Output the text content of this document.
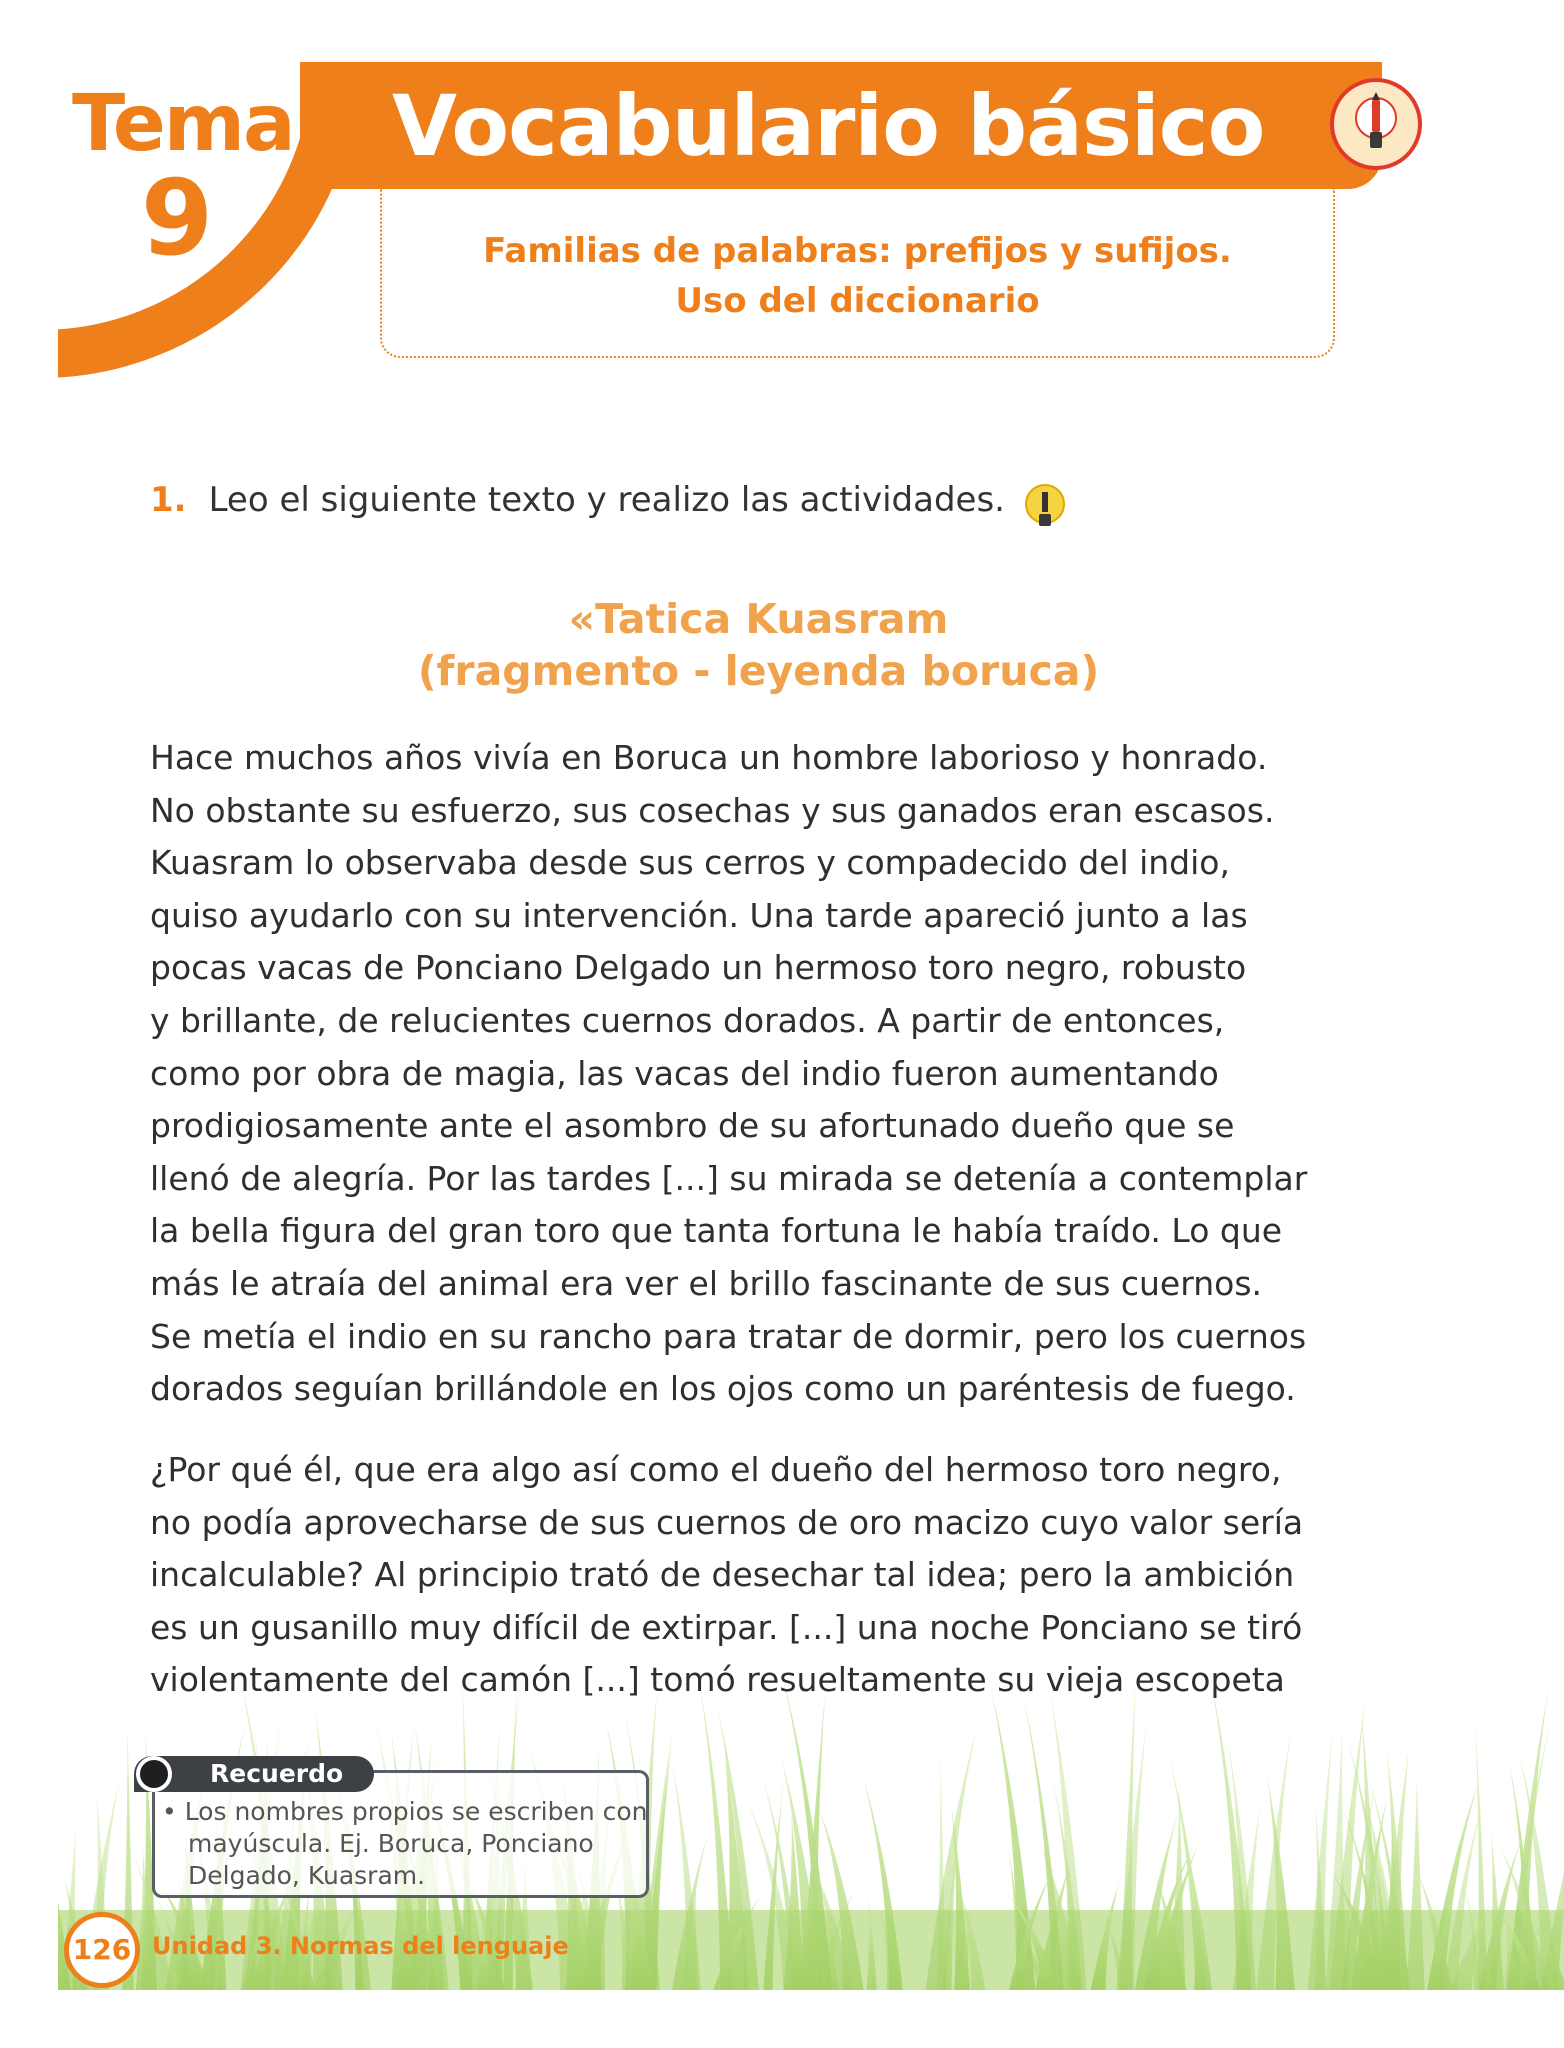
Tema
9
Vocabulario básico
Familias de palabras: prefijos y sufijos.
Uso del diccionario
1. Leo el siguiente texto y realizo las actividades.
«Tatica Kuasram
(fragmento - leyenda boruca)
Hace muchos años vivía en Boruca un hombre laborioso y honrado.
No obstante su esfuerzo, sus cosechas y sus ganados eran escasos.
Kuasram lo observaba desde sus cerros y compadecido del indio,
quiso ayudarlo con su intervención. Una tarde apareció junto a las
pocas vacas de Ponciano Delgado un hermoso toro negro, robusto
y brillante, de relucientes cuernos dorados. A partir de entonces,
como por obra de magia, las vacas del indio fueron aumentando
prodigiosamente ante el asombro de su afortunado dueño que se
llenó de alegría. Por las tardes [...] su mirada se detenía a contemplar
la bella figura del gran toro que tanta fortuna le había traído. Lo que
más le atraía del animal era ver el brillo fascinante de sus cuernos.
Se metía el indio en su rancho para tratar de dormir, pero los cuernos
dorados seguían brillándole en los ojos como un paréntesis de fuego.
¿Por qué él, que era algo así como el dueño del hermoso toro negro,
no podía aprovecharse de sus cuernos de oro macizo cuyo valor sería
incalculable? Al principio trató de desechar tal idea; pero la ambición
es un gusanillo muy difícil de extirpar. [...] una noche Ponciano se tiró
violentamente del camón [...] tomó resueltamente su vieja escopeta
Recuerdo
• Los nombres propios se escriben con
mayúscula. Ej. Boruca, Ponciano
Delgado, Kuasram.
126 Unidad 3. Normas del lenguaje
